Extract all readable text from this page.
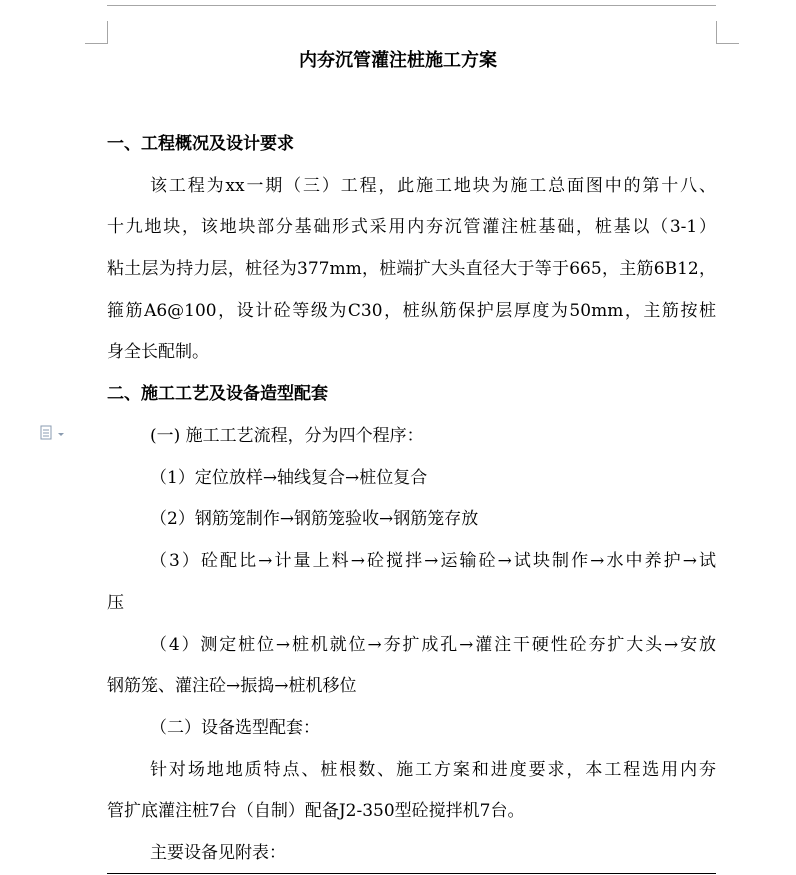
内夯沉管灌注桩施工方案
一、工程概况及设计要求
该工程为xx一期（三）工程，此施工地块为施工总面图中的第十八、
十九地块，该地块部分基础形式采用内夯沉管灌注桩基础，桩基以（3-1）
粘土层为持力层，桩径为377mm，桩端扩大头直径大于等于665，主筋6B12，
箍筋A6@100，设计砼等级为C30，桩纵筋保护层厚度为50mm，主筋按桩
身全长配制。
二、施工工艺及设备造型配套
(一) 施工工艺流程，分为四个程序：
（1）定位放样→轴线复合→桩位复合
（2）钢筋笼制作→钢筋笼验收→钢筋笼存放
（3）砼配比→计量上料→砼搅拌→运输砼→试块制作→水中养护→试
压
（4）测定桩位→桩机就位→夯扩成孔→灌注干硬性砼夯扩大头→安放
钢筋笼、灌注砼→振捣→桩机移位
（二）设备选型配套：
针对场地地质特点、桩根数、施工方案和进度要求，本工程选用内夯
管扩底灌注桩7台（自制）配备J2-350型砼搅拌机7台。
主要设备见附表：
